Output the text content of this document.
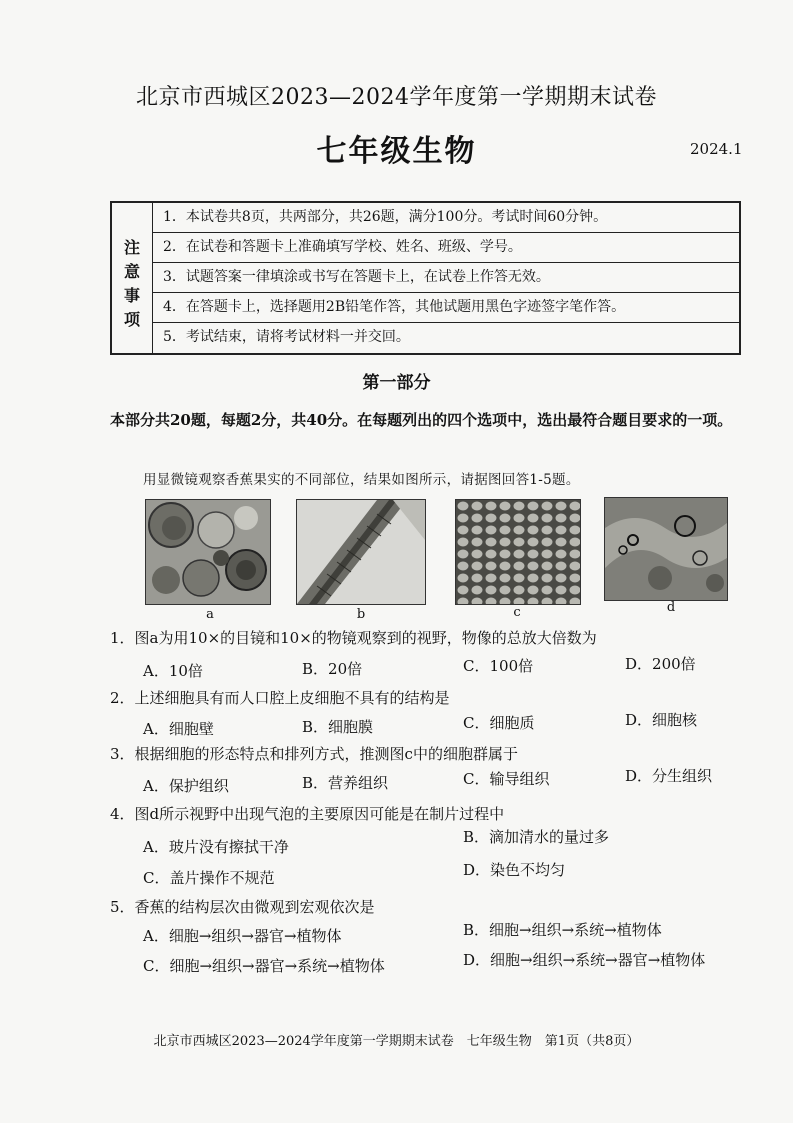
北京市西城区2023—2024学年度第一学期期末试卷
七年级生物	2024.1
注
意
事
项
1．本试卷共8页，共两部分，共26题，满分100分。考试时间60分钟。
2．在试卷和答题卡上准确填写学校、姓名、班级、学号。
3．试题答案一律填涂或书写在答题卡上，在试卷上作答无效。
4．在答题卡上，选择题用2B铅笔作答，其他试题用黑色字迹签字笔作答。
5．考试结束，请将考试材料一并交回。
第一部分
本部分共20题，每题2分，共40分。在每题列出的四个选项中，选出最符合题目要求的一项。
用显微镜观察香蕉果实的不同部位，结果如图所示，请据图回答1-5题。
a	b	c	d
1．图a为用10×的目镜和10×的物镜观察到的视野，物像的总放大倍数为
A．10倍	B．20倍	C．100倍	D．200倍
2．上述细胞具有而人口腔上皮细胞不具有的结构是
A．细胞壁	B．细胞膜	C．细胞质	D．细胞核
3．根据细胞的形态特点和排列方式，推测图c中的细胞群属于
A．保护组织	B．营养组织	C．输导组织	D．分生组织
4．图d所示视野中出现气泡的主要原因可能是在制片过程中
A．玻片没有擦拭干净
B．滴加清水的量过多
C．盖片操作不规范	D．染色不均匀
5．香蕉的结构层次由微观到宏观依次是
A．细胞→组织→器官→植物体	B．细胞→组织→系统→植物体
C．细胞→组织→器官→系统→植物体	D．细胞→组织→系统→器官→植物体
北京市西城区2023—2024学年度第一学期期末试卷　七年级生物　第1页（共8页）
